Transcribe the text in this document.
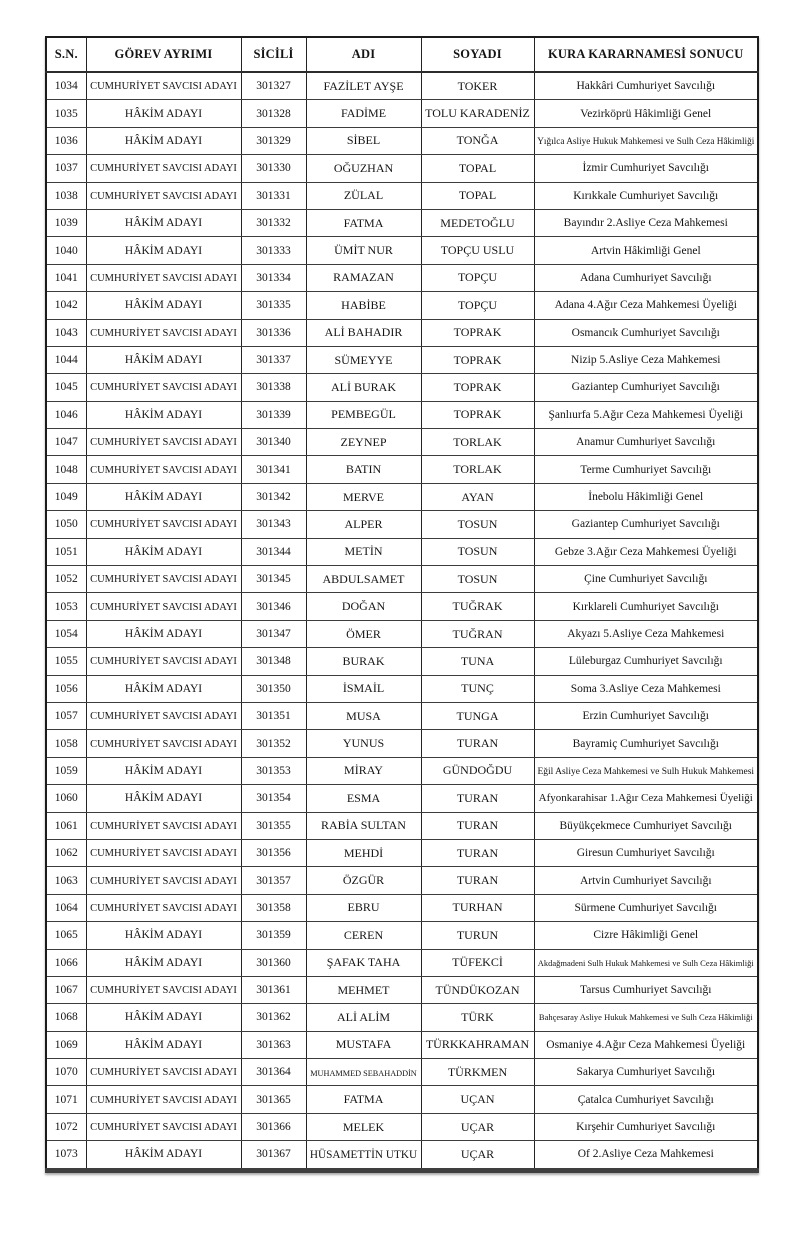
S.N.	GÖREV AYRIMI	SİCİLİ	ADI	SOYADI	KURA KARARNAMESİ SONUCU
1034	CUMHURİYET SAVCISI ADAYI	301327	FAZİLET AYŞE	TOKER	Hakkâri Cumhuriyet Savcılığı
1035	HÂKİM ADAYI	301328	FADİME	TOLU KARADENİZ	Vezirköprü Hâkimliği Genel
1036	HÂKİM ADAYI	301329	SİBEL	TONĞA	Yığılca Asliye Hukuk Mahkemesi ve Sulh Ceza Hâkimliği
1037	CUMHURİYET SAVCISI ADAYI	301330	OĞUZHAN	TOPAL	İzmir Cumhuriyet Savcılığı
1038	CUMHURİYET SAVCISI ADAYI	301331	ZÜLAL	TOPAL	Kırıkkale Cumhuriyet Savcılığı
1039	HÂKİM ADAYI	301332	FATMA	MEDETOĞLU	Bayındır 2.Asliye Ceza Mahkemesi
1040	HÂKİM ADAYI	301333	ÜMİT NUR	TOPÇU USLU	Artvin Hâkimliği Genel
1041	CUMHURİYET SAVCISI ADAYI	301334	RAMAZAN	TOPÇU	Adana Cumhuriyet Savcılığı
1042	HÂKİM ADAYI	301335	HABİBE	TOPÇU	Adana 4.Ağır Ceza Mahkemesi Üyeliği
1043	CUMHURİYET SAVCISI ADAYI	301336	ALİ BAHADIR	TOPRAK	Osmancık Cumhuriyet Savcılığı
1044	HÂKİM ADAYI	301337	SÜMEYYE	TOPRAK	Nizip 5.Asliye Ceza Mahkemesi
1045	CUMHURİYET SAVCISI ADAYI	301338	ALİ BURAK	TOPRAK	Gaziantep Cumhuriyet Savcılığı
1046	HÂKİM ADAYI	301339	PEMBEGÜL	TOPRAK	Şanlıurfa 5.Ağır Ceza Mahkemesi Üyeliği
1047	CUMHURİYET SAVCISI ADAYI	301340	ZEYNEP	TORLAK	Anamur Cumhuriyet Savcılığı
1048	CUMHURİYET SAVCISI ADAYI	301341	BATIN	TORLAK	Terme Cumhuriyet Savcılığı
1049	HÂKİM ADAYI	301342	MERVE	AYAN	İnebolu Hâkimliği Genel
1050	CUMHURİYET SAVCISI ADAYI	301343	ALPER	TOSUN	Gaziantep Cumhuriyet Savcılığı
1051	HÂKİM ADAYI	301344	METİN	TOSUN	Gebze 3.Ağır Ceza Mahkemesi Üyeliği
1052	CUMHURİYET SAVCISI ADAYI	301345	ABDULSAMET	TOSUN	Çine Cumhuriyet Savcılığı
1053	CUMHURİYET SAVCISI ADAYI	301346	DOĞAN	TUĞRAK	Kırklareli Cumhuriyet Savcılığı
1054	HÂKİM ADAYI	301347	ÖMER	TUĞRAN	Akyazı 5.Asliye Ceza Mahkemesi
1055	CUMHURİYET SAVCISI ADAYI	301348	BURAK	TUNA	Lüleburgaz Cumhuriyet Savcılığı
1056	HÂKİM ADAYI	301350	İSMAİL	TUNÇ	Soma 3.Asliye Ceza Mahkemesi
1057	CUMHURİYET SAVCISI ADAYI	301351	MUSA	TUNGA	Erzin Cumhuriyet Savcılığı
1058	CUMHURİYET SAVCISI ADAYI	301352	YUNUS	TURAN	Bayramiç Cumhuriyet Savcılığı
1059	HÂKİM ADAYI	301353	MİRAY	GÜNDOĞDU	Eğil Asliye Ceza Mahkemesi ve Sulh Hukuk Mahkemesi
1060	HÂKİM ADAYI	301354	ESMA	TURAN	Afyonkarahisar 1.Ağır Ceza Mahkemesi Üyeliği
1061	CUMHURİYET SAVCISI ADAYI	301355	RABİA SULTAN	TURAN	Büyükçekmece Cumhuriyet Savcılığı
1062	CUMHURİYET SAVCISI ADAYI	301356	MEHDİ	TURAN	Giresun Cumhuriyet Savcılığı
1063	CUMHURİYET SAVCISI ADAYI	301357	ÖZGÜR	TURAN	Artvin Cumhuriyet Savcılığı
1064	CUMHURİYET SAVCISI ADAYI	301358	EBRU	TURHAN	Sürmene Cumhuriyet Savcılığı
1065	HÂKİM ADAYI	301359	CEREN	TURUN	Cizre Hâkimliği Genel
1066	HÂKİM ADAYI	301360	ŞAFAK TAHA	TÜFEKCİ	Akdağmadeni Sulh Hukuk Mahkemesi ve Sulh Ceza Hâkimliği
1067	CUMHURİYET SAVCISI ADAYI	301361	MEHMET	TÜNDÜKOZAN	Tarsus Cumhuriyet Savcılığı
1068	HÂKİM ADAYI	301362	ALİ ALİM	TÜRK	Bahçesaray Asliye Hukuk Mahkemesi ve Sulh Ceza Hâkimliği
1069	HÂKİM ADAYI	301363	MUSTAFA	TÜRKKAHRAMAN	Osmaniye 4.Ağır Ceza Mahkemesi Üyeliği
1070	CUMHURİYET SAVCISI ADAYI	301364	MUHAMMED SEBAHADDİN	TÜRKMEN	Sakarya Cumhuriyet Savcılığı
1071	CUMHURİYET SAVCISI ADAYI	301365	FATMA	UÇAN	Çatalca Cumhuriyet Savcılığı
1072	CUMHURİYET SAVCISI ADAYI	301366	MELEK	UÇAR	Kırşehir Cumhuriyet Savcılığı
1073	HÂKİM ADAYI	301367	HÜSAMETTİN UTKU	UÇAR	Of 2.Asliye Ceza Mahkemesi
